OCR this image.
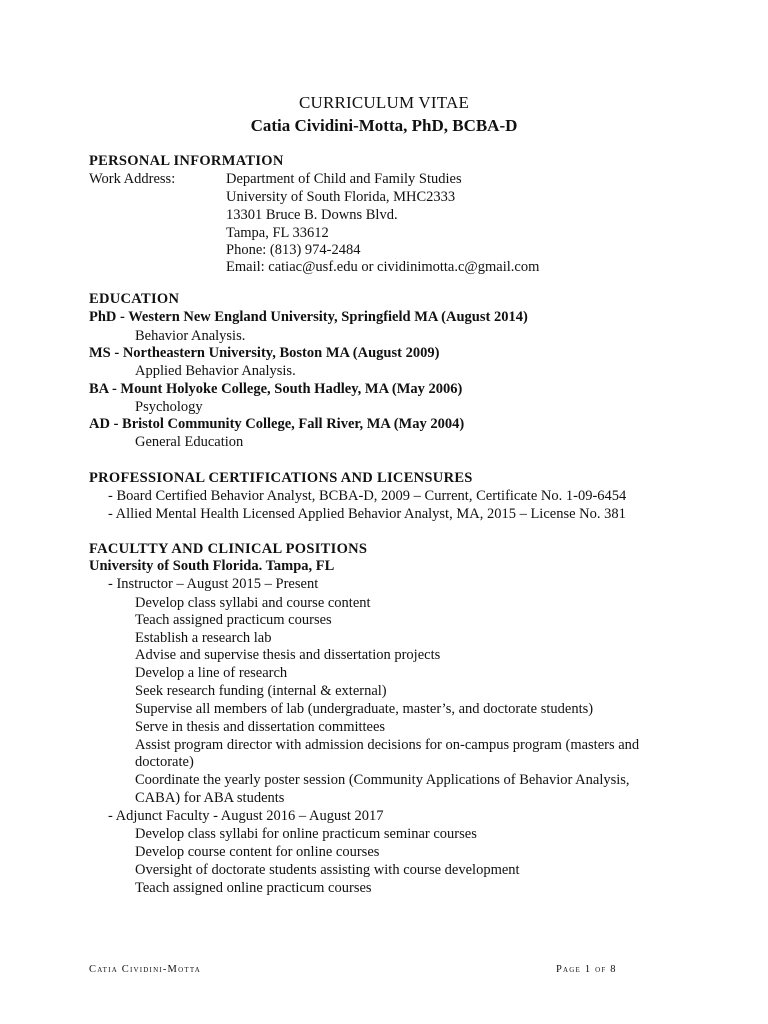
CURRICULUM VITAE
Catia Cividini-Motta, PhD, BCBA-D
PERSONAL INFORMATION
Work Address:	Department of Child and Family Studies
University of South Florida, MHC2333
13301 Bruce B. Downs Blvd.
Tampa, FL 33612
Phone: (813) 974-2484
Email: catiac@usf.edu or cividinimotta.c@gmail.com
EDUCATION
PhD - Western New England University, Springfield MA (August 2014)
Behavior Analysis.
MS - Northeastern University, Boston MA (August 2009)
Applied Behavior Analysis.
BA - Mount Holyoke College, South Hadley, MA (May 2006)
Psychology
AD - Bristol Community College, Fall River, MA (May 2004)
General Education
PROFESSIONAL CERTIFICATIONS AND LICENSURES
- Board Certified Behavior Analyst, BCBA-D, 2009 – Current, Certificate No. 1-09-6454
- Allied Mental Health Licensed Applied Behavior Analyst, MA, 2015 – License No. 381
FACULTTY AND CLINICAL POSITIONS
University of South Florida. Tampa, FL
- Instructor – August 2015 – Present
Develop class syllabi and course content
Teach assigned practicum courses
Establish a research lab
Advise and supervise thesis and dissertation projects
Develop a line of research
Seek research funding (internal & external)
Supervise all members of lab (undergraduate, master’s, and doctorate students)
Serve in thesis and dissertation committees
Assist program director with admission decisions for on-campus program (masters and
doctorate)
Coordinate the yearly poster session (Community Applications of Behavior Analysis,
CABA) for ABA students
- Adjunct Faculty - August 2016 – August 2017
Develop class syllabi for online practicum seminar courses
Develop course content for online courses
Oversight of doctorate students assisting with course development
Teach assigned online practicum courses
Catia Cividini-Motta	Page 1 of 8
